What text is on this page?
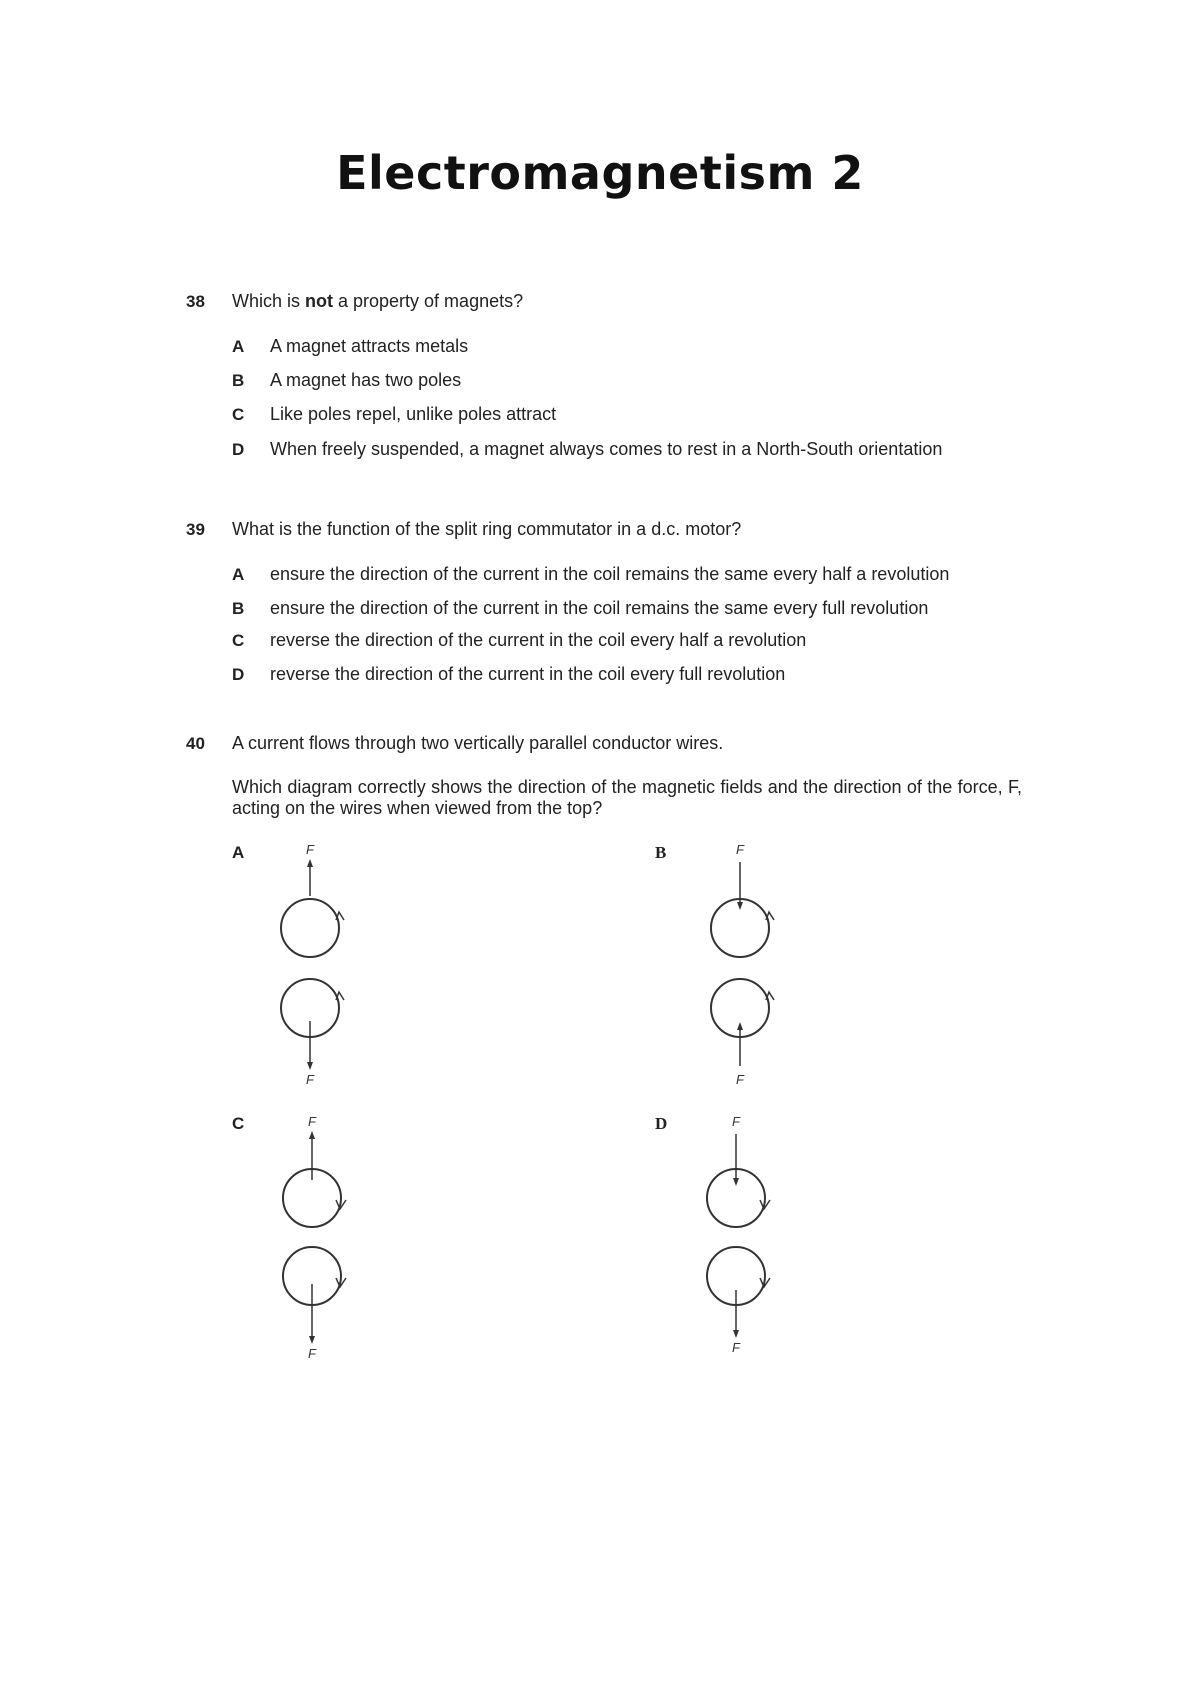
Electromagnetism 2
38 Which is not a property of magnets?
A A magnet attracts metals
B A magnet has two poles
C Like poles repel, unlike poles attract
D When freely suspended, a magnet always comes to rest in a North-South orientation
39 What is the function of the split ring commutator in a d.c. motor?
A ensure the direction of the current in the coil remains the same every half a revolution
B ensure the direction of the current in the coil remains the same every full revolution
C reverse the direction of the current in the coil every half a revolution
D reverse the direction of the current in the coil every full revolution
40 A current flows through two vertically parallel conductor wires.
Which diagram correctly shows the direction of the magnetic fields and the direction of the force, F, acting on the wires when viewed from the top?
A	B
C	D
F
F
F
F
F
F
F
F
